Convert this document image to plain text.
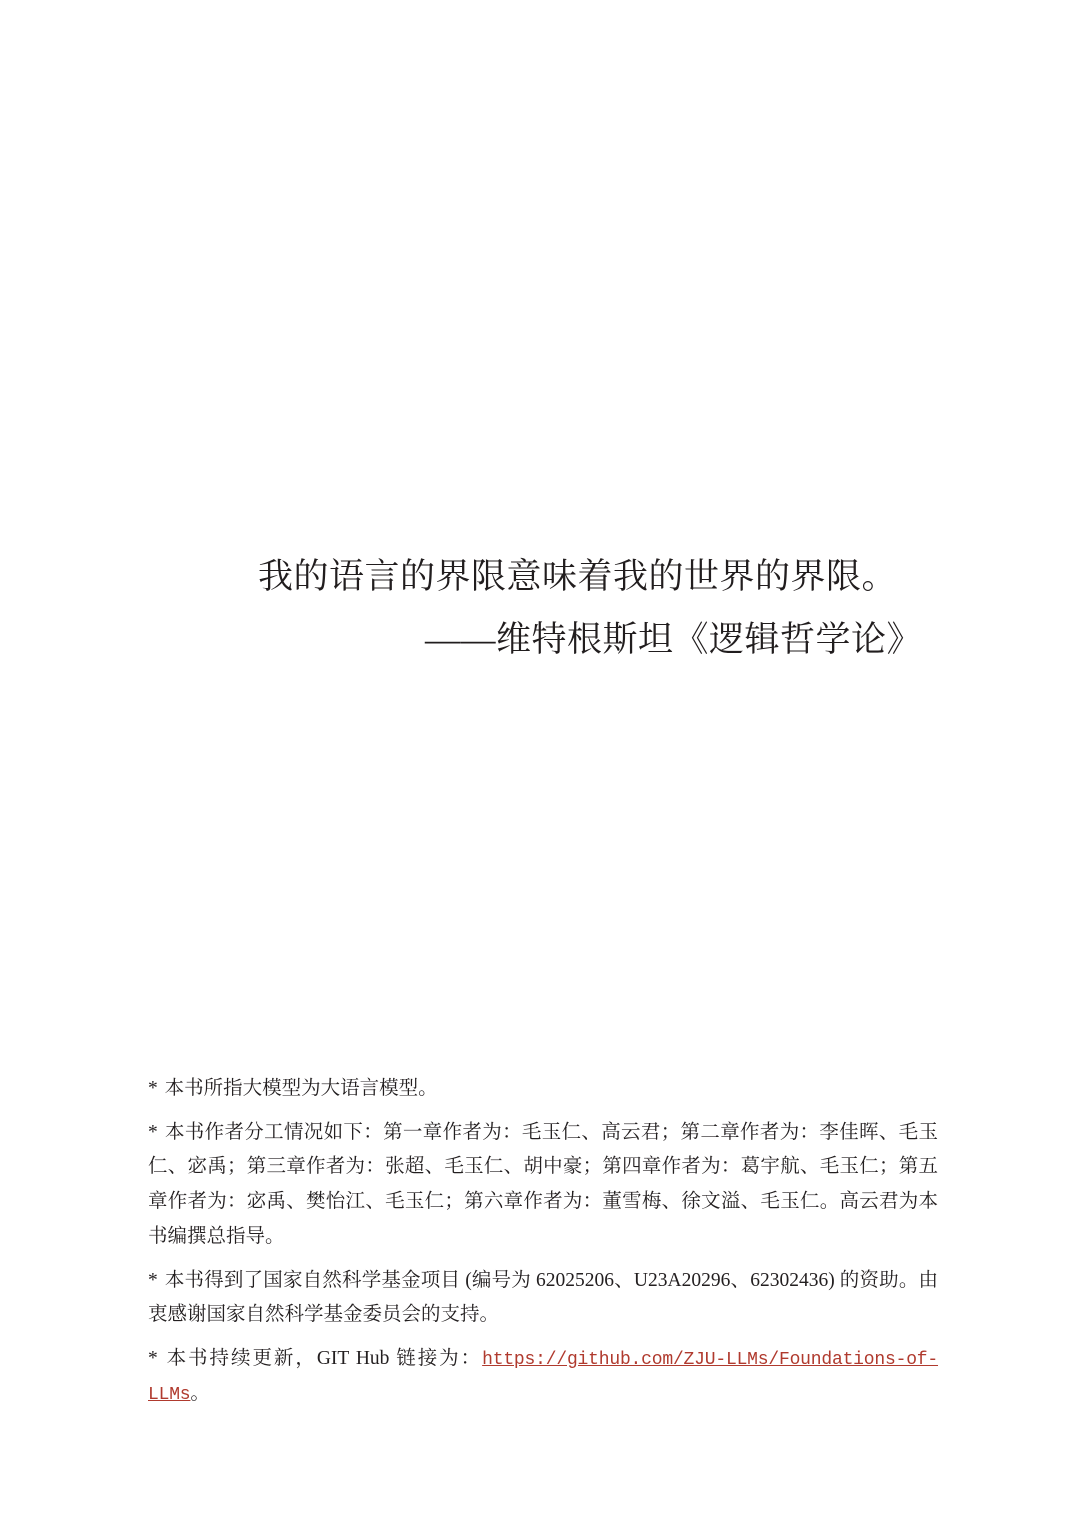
我的语言的界限意味着我的世界的界限。
——维特根斯坦《逻辑哲学论》
* 本书所指大模型为大语言模型。
* 本书作者分工情况如下：第一章作者为：毛玉仁、高云君；第二章作者为：李佳晖、毛玉仁、宓禹；第三章作者为：张超、毛玉仁、胡中豪；第四章作者为：葛宇航、毛玉仁；第五章作者为：宓禹、樊怡江、毛玉仁；第六章作者为：董雪梅、徐文溢、毛玉仁。高云君为本书编撰总指导。
* 本书得到了国家自然科学基金项目 (编号为 62025206、U23A20296、62302436) 的资助。由衷感谢国家自然科学基金委员会的支持。
* 本书持续更新，GIT Hub 链接为：https://github.com/ZJU-LLMs/Foundations-of-LLMs。
